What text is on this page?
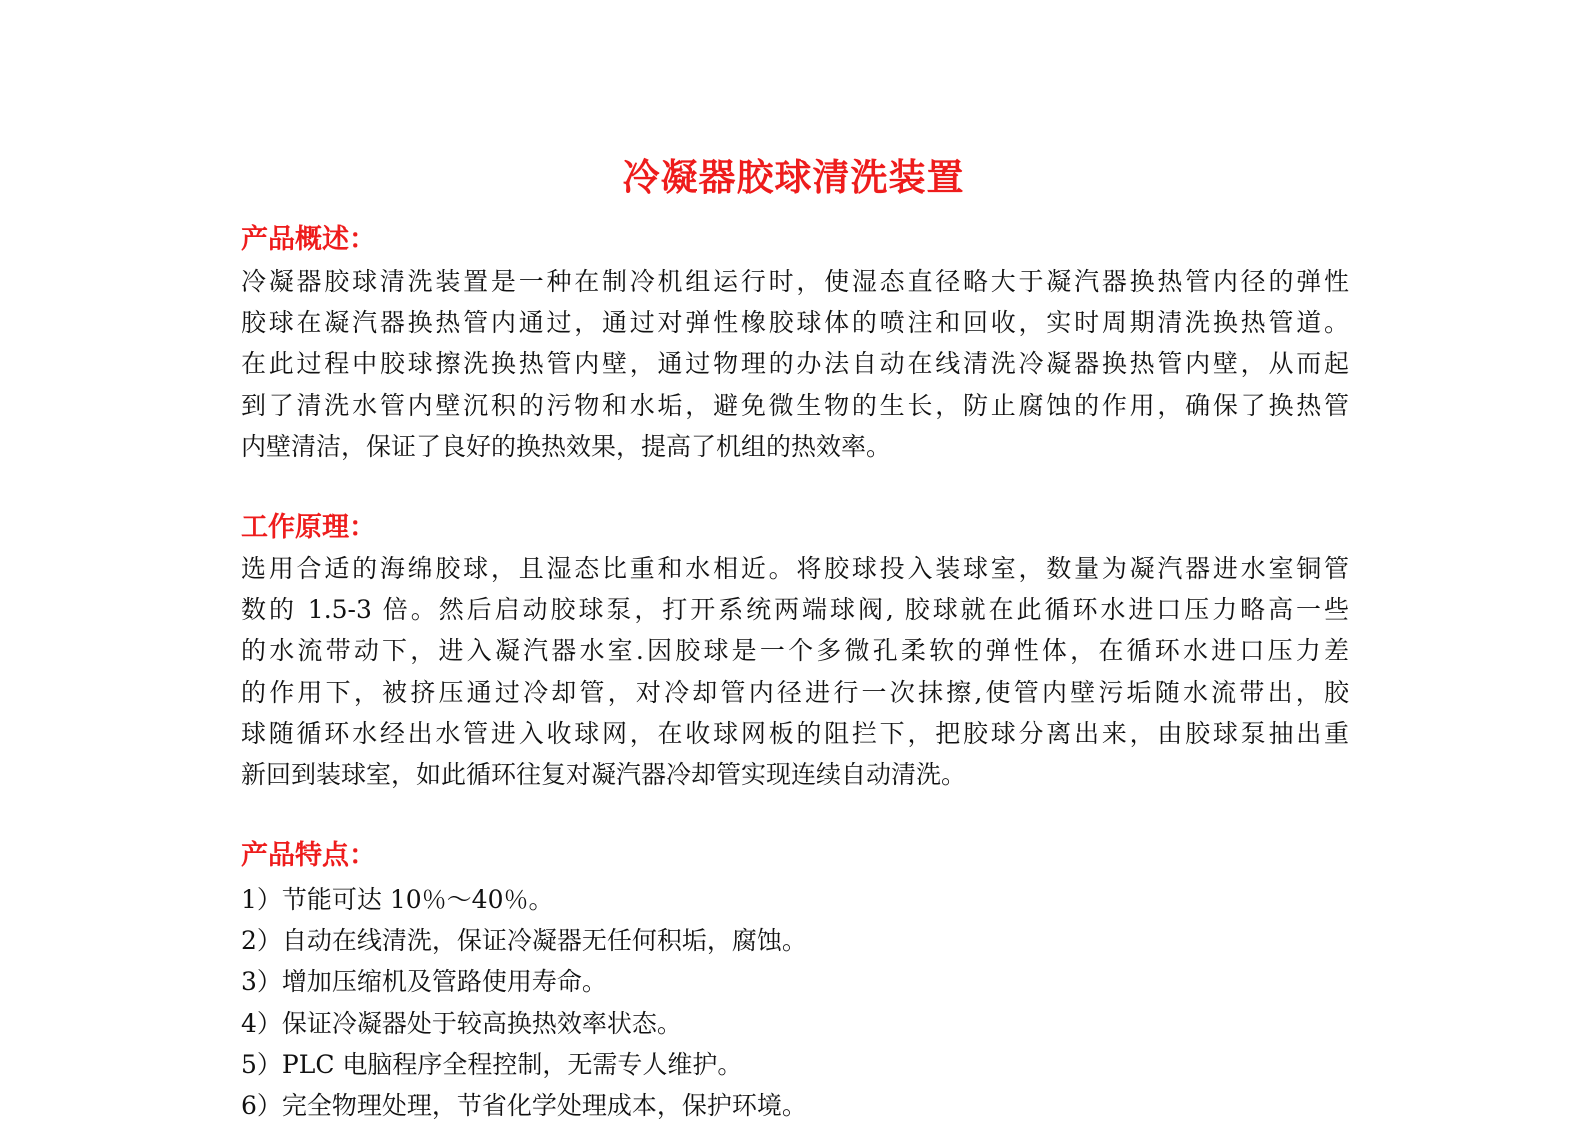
冷凝器胶球清洗装置
产品概述：
冷凝器胶球清洗装置是一种在制冷机组运行时，使湿态直径略大于凝汽器换热管内径的弹性
胶球在凝汽器换热管内通过，通过对弹性橡胶球体的喷注和回收，实时周期清洗换热管道。
在此过程中胶球擦洗换热管内壁，通过物理的办法自动在线清洗冷凝器换热管内壁，从而起
到了清洗水管内壁沉积的污物和水垢，避免微生物的生长，防止腐蚀的作用，确保了换热管
内壁清洁，保证了良好的换热效果，提高了机组的热效率。
工作原理：
选用合适的海绵胶球，且湿态比重和水相近。将胶球投入装球室，数量为凝汽器进水室铜管
数的 1.5-3 倍。然后启动胶球泵，打开系统两端球阀, 胶球就在此循环水进口压力略高一些
的水流带动下，进入凝汽器水室.因胶球是一个多微孔柔软的弹性体，在循环水进口压力差
的作用下，被挤压通过冷却管，对冷却管内径进行一次抹擦,使管内壁污垢随水流带出，胶
球随循环水经出水管进入收球网，在收球网板的阻拦下，把胶球分离出来，由胶球泵抽出重
新回到装球室，如此循环往复对凝汽器冷却管实现连续自动清洗。
产品特点：
1）节能可达 10％～40％。
2）自动在线清洗，保证冷凝器无任何积垢，腐蚀。
3）增加压缩机及管路使用寿命。
4）保证冷凝器处于较高换热效率状态。
5）PLC 电脑程序全程控制，无需专人维护。
6）完全物理处理，节省化学处理成本，保护环境。
